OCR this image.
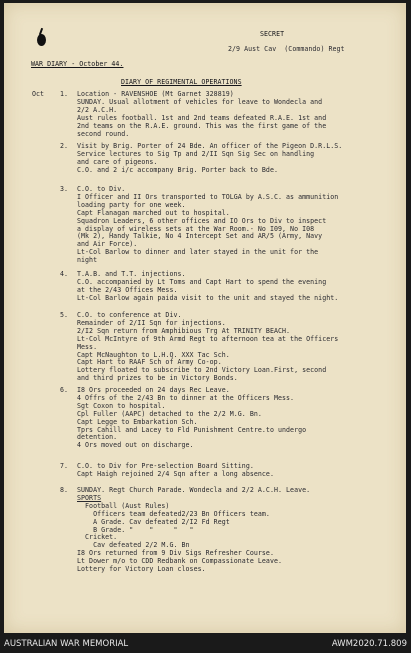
SECRET
2/9 Aust Cav  (Commando) Regt
WAR DIARY - October 44.
DIARY OF REGIMENTAL OPERATIONS
Oct 1. Location - RAVENSHOE (Mt Garnet 328819)
SUNDAY. Usual allotment of vehicles for leave to Wondecla and
2/2 A.C.H.
Aust rules football. 1st and 2nd teams defeated R.A.E. 1st and
2nd teams on the R.A.E. ground. This was the first game of the
second round.
2. Visit by Brig. Porter of 24 Bde. An officer of the Pigeon D.R.L.S.
Service lectures to Sig Tp and 2/II Sqn Sig Sec on handling
and care of pigeons.
C.O. and 2 i/c accompany Brig. Porter back to Bde.
3. C.O. to Div.
I Officer and II Ors transported to TOLGA by A.S.C. as ammunition
loading party for one week.
Capt Flanagan marched out to hospital.
Squadron Leaders, 6 other offices and IO Ors to Div to inspect
a display of wireless sets at the War Room.- No I09, No I08
(Mk 2), Handy Talkie, No 4 Intercept Set and AR/5 (Army, Navy
and Air Force).
Lt-Col Barlow to dinner and later stayed in the unit for the
night
4. T.A.B. and T.T. injections.
C.O. accompanied by Lt Toms and Capt Hart to spend the evening
at the 2/43 Offices Mess.
Lt-Col Barlow again paida visit to the unit and stayed the night.
5. C.O. to conference at Div.
Remainder of 2/II Sqn for injections.
2/I2 Sqn return from Amphibious Trg At TRINITY BEACH.
Lt-Col McIntyre of 9th Armd Regt to afternoon tea at the Officers
Mess.
Capt McNaughton to L.H.Q. XXX Tac Sch.
Capt Hart to RAAF Sch of Army Co-op.
Lottery floated to subscribe to 2nd Victory Loan.First, second
and third prizes to be in Victory Bonds.
6. I8 Ors proceeded on 24 days Rec Leave.
4 Offrs of the 2/43 Bn to dinner at the Officers Mess.
Sgt Coxon to hospital.
Cpl Fuller (AAPC) detached to the 2/2 M.G. Bn.
Capt Legge to Embarkation Sch.
Tprs Cahill and Lacey to Fld Punishment Centre.to undergo
detention.
4 Ors moved out on discharge.
7. C.O. to Div for Pre-selection Board Sitting.
Capt Haigh rejoined 2/4 Sqn after a long absence.
8. SUNDAY. Regt Church Parade. Wondecla and 2/2 A.C.H. Leave.
SPORTS
Football (Aust Rules)
Officers team defeated2/23 Bn Officers team.
A Grade. Cav defeated 2/I2 Fd Regt
B Grade. "    "     "   "
Cricket.
Cav defeated 2/2 M.G. Bn
I8 Ors returned from 9 Div Sigs Refresher Course.
Lt Dower m/o to CDD Redbank on Compassionate Leave.
Lottery for Victory Loan closes.
AUSTRALIAN WAR MEMORIAL	AWM2020.71.809
